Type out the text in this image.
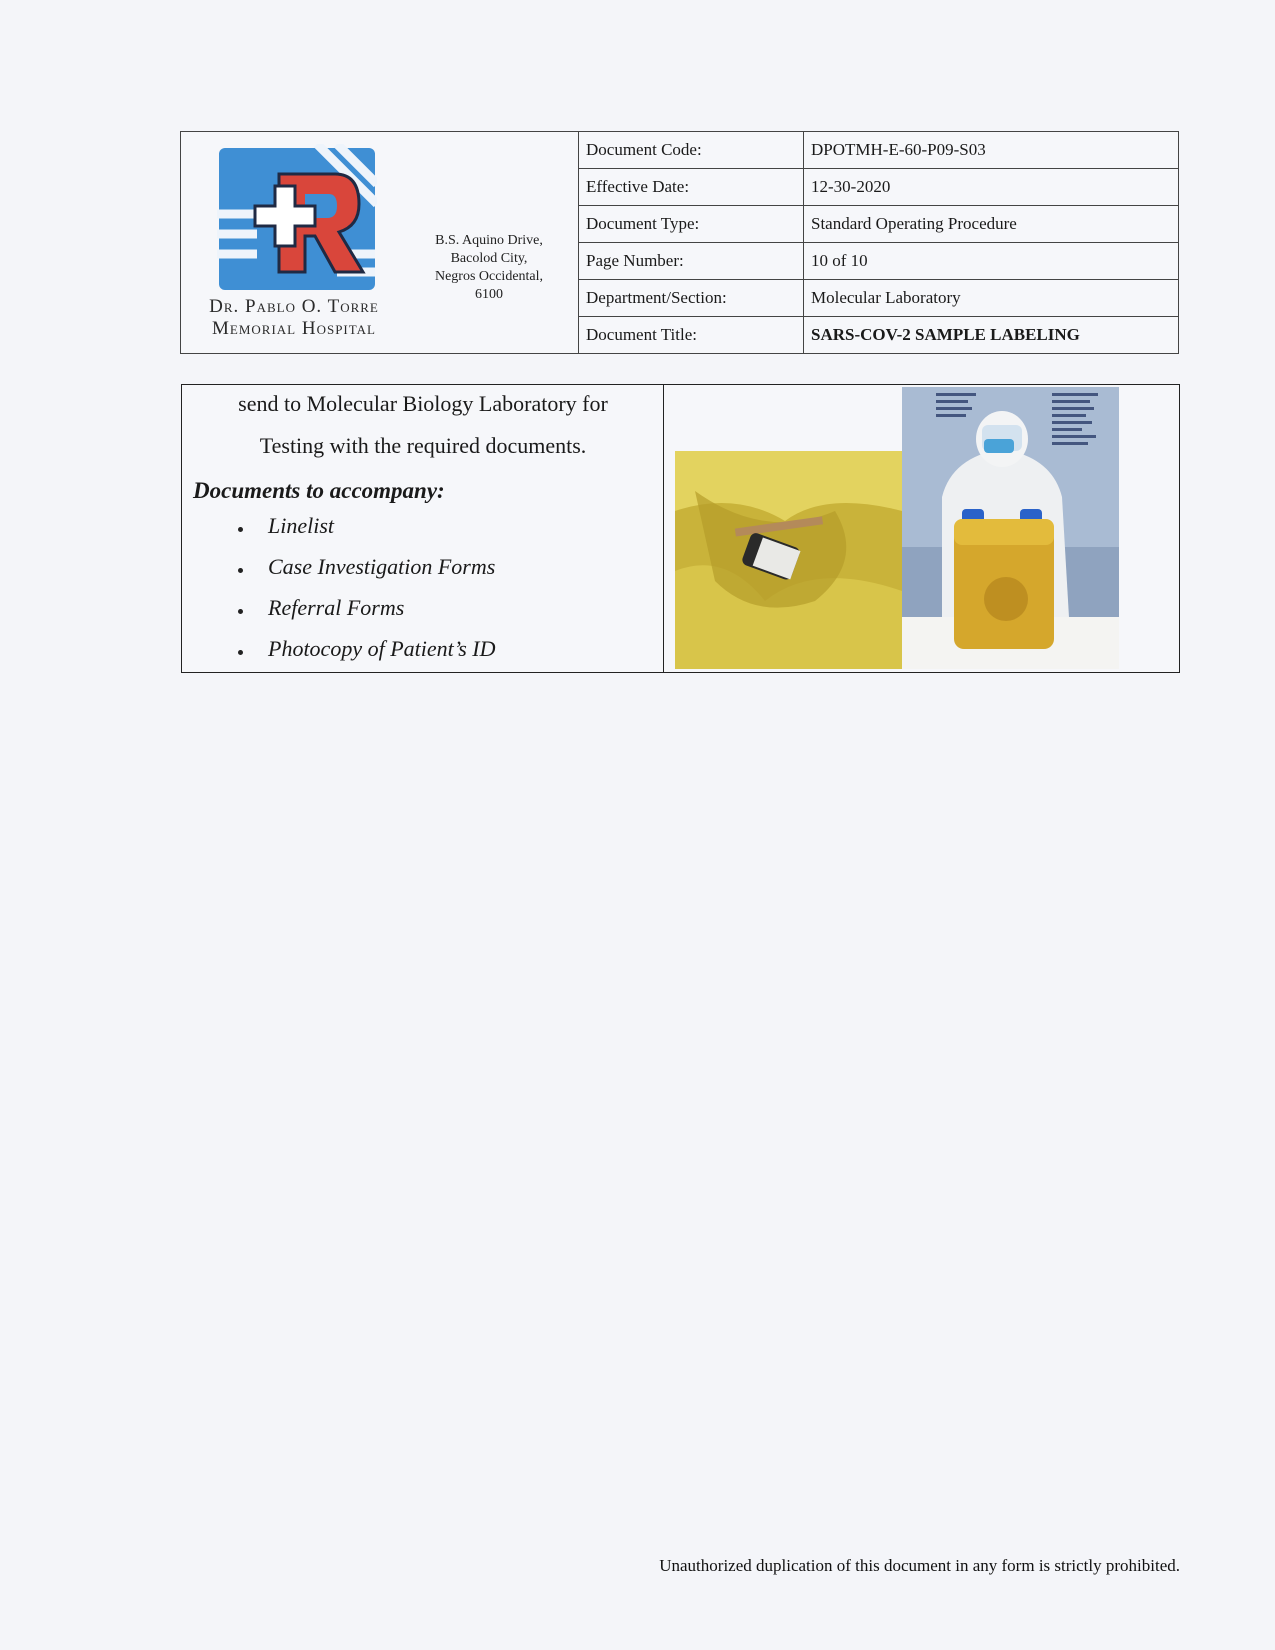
Dr. Pablo O. Torre
Memorial Hospital
B.S. Aquino Drive,
Bacolod City,
Negros Occidental,
6100
Document Code:	DPOTMH-E-60-P09-S03
Effective Date:	12-30-2020
Document Type:	Standard Operating Procedure
Page Number:	10 of 10
Department/Section:	Molecular Laboratory
Document Title:	SARS-COV-2 SAMPLE LABELING
send to Molecular Biology Laboratory for
Testing with the required documents.
Documents to accompany:
Linelist
Case Investigation Forms
Referral Forms
Photocopy of Patient’s ID
Unauthorized duplication of this document in any form is strictly prohibited.
